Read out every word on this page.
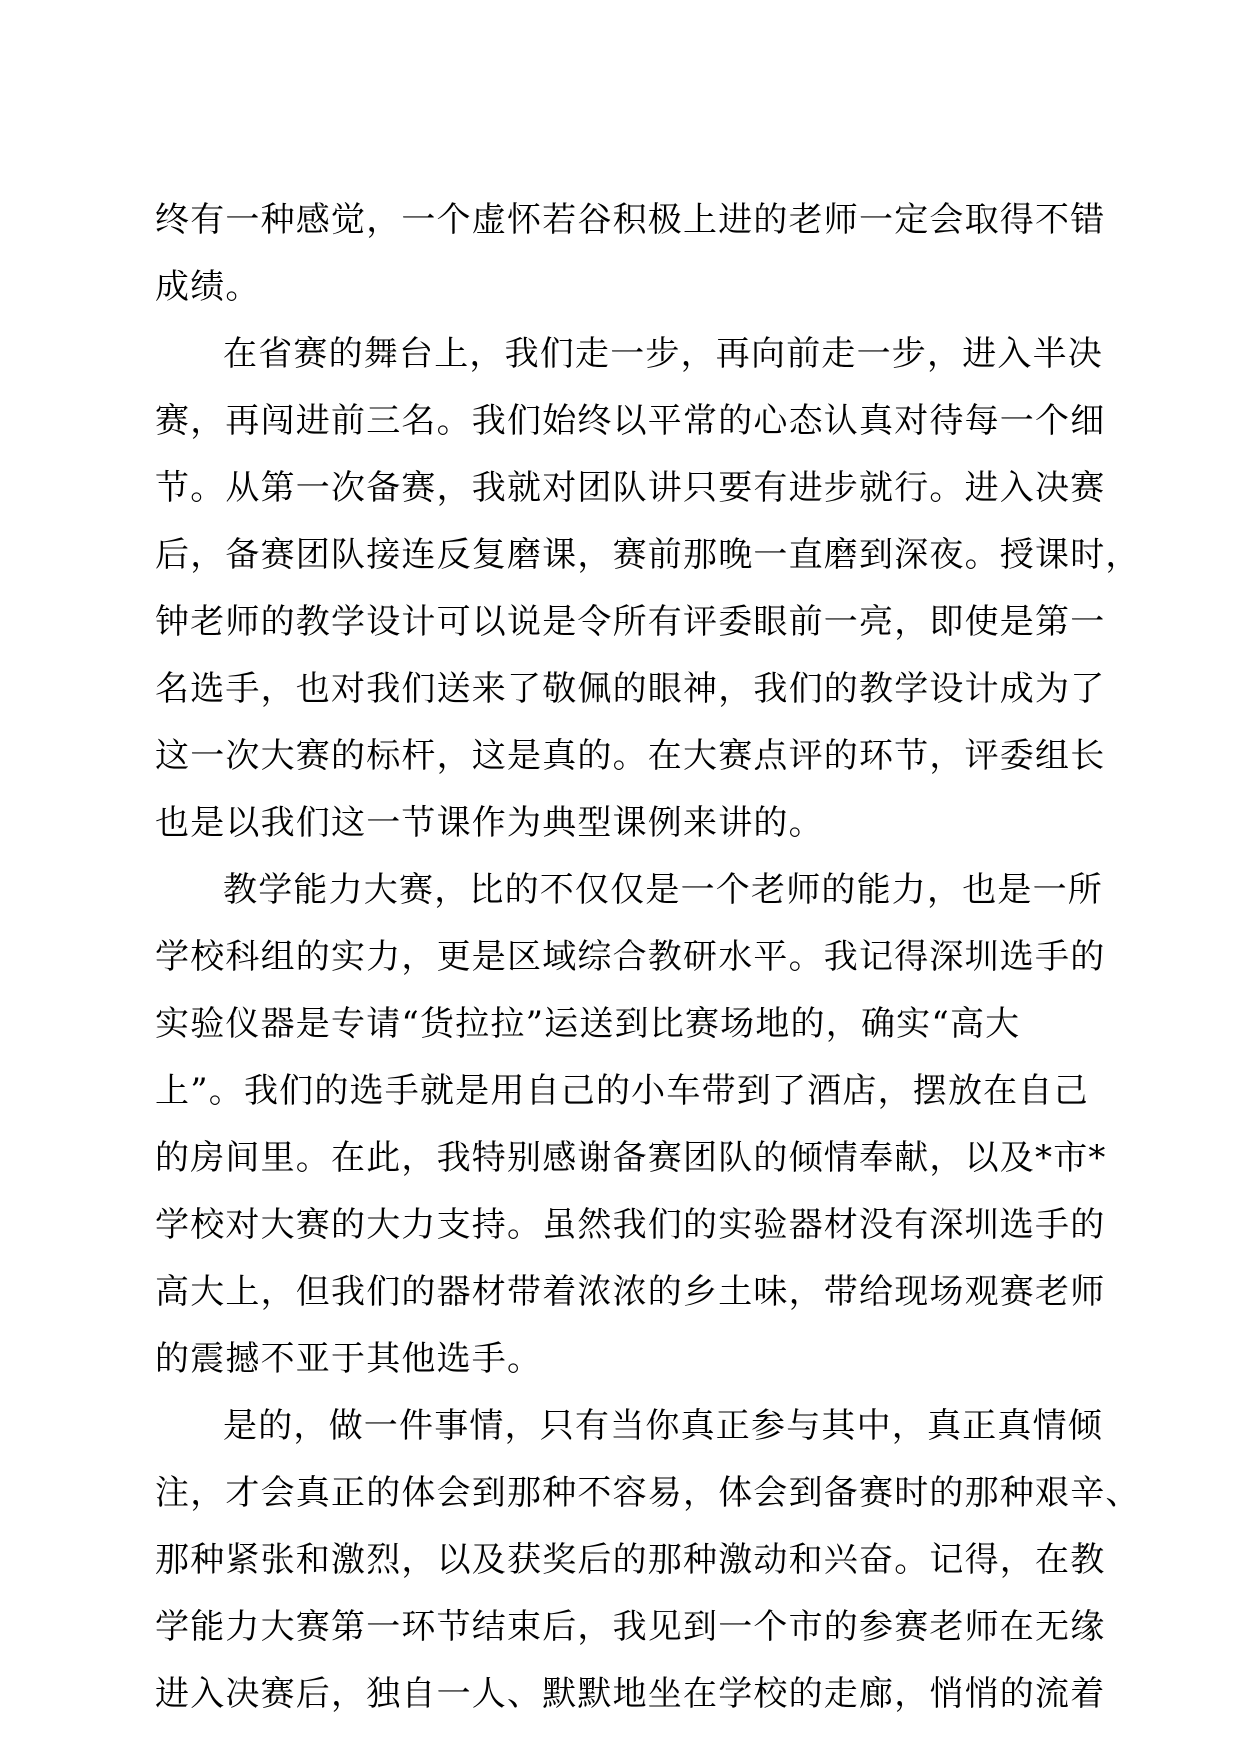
终有一种感觉，一个虚怀若谷积极上进的老师一定会取得不错
成绩。
在省赛的舞台上，我们走一步，再向前走一步，进入半决
赛，再闯进前三名。我们始终以平常的心态认真对待每一个细
节。从第一次备赛，我就对团队讲只要有进步就行。进入决赛
后，备赛团队接连反复磨课，赛前那晚一直磨到深夜。授课时，
钟老师的教学设计可以说是令所有评委眼前一亮，即使是第一
名选手，也对我们送来了敬佩的眼神，我们的教学设计成为了
这一次大赛的标杆，这是真的。在大赛点评的环节，评委组长
也是以我们这一节课作为典型课例来讲的。
教学能力大赛，比的不仅仅是一个老师的能力，也是一所
学校科组的实力，更是区域综合教研水平。我记得深圳选手的
实验仪器是专请“货拉拉”运送到比赛场地的，确实“高大
上”。我们的选手就是用自己的小车带到了酒店，摆放在自己
的房间里。在此，我特别感谢备赛团队的倾情奉献，以及*市*
学校对大赛的大力支持。虽然我们的实验器材没有深圳选手的
高大上，但我们的器材带着浓浓的乡土味，带给现场观赛老师
的震撼不亚于其他选手。
是的，做一件事情，只有当你真正参与其中，真正真情倾
注，才会真正的体会到那种不容易，体会到备赛时的那种艰辛、
那种紧张和激烈，以及获奖后的那种激动和兴奋。记得，在教
学能力大赛第一环节结束后，我见到一个市的参赛老师在无缘
进入决赛后，独自一人、默默地坐在学校的走廊，悄悄的流着
